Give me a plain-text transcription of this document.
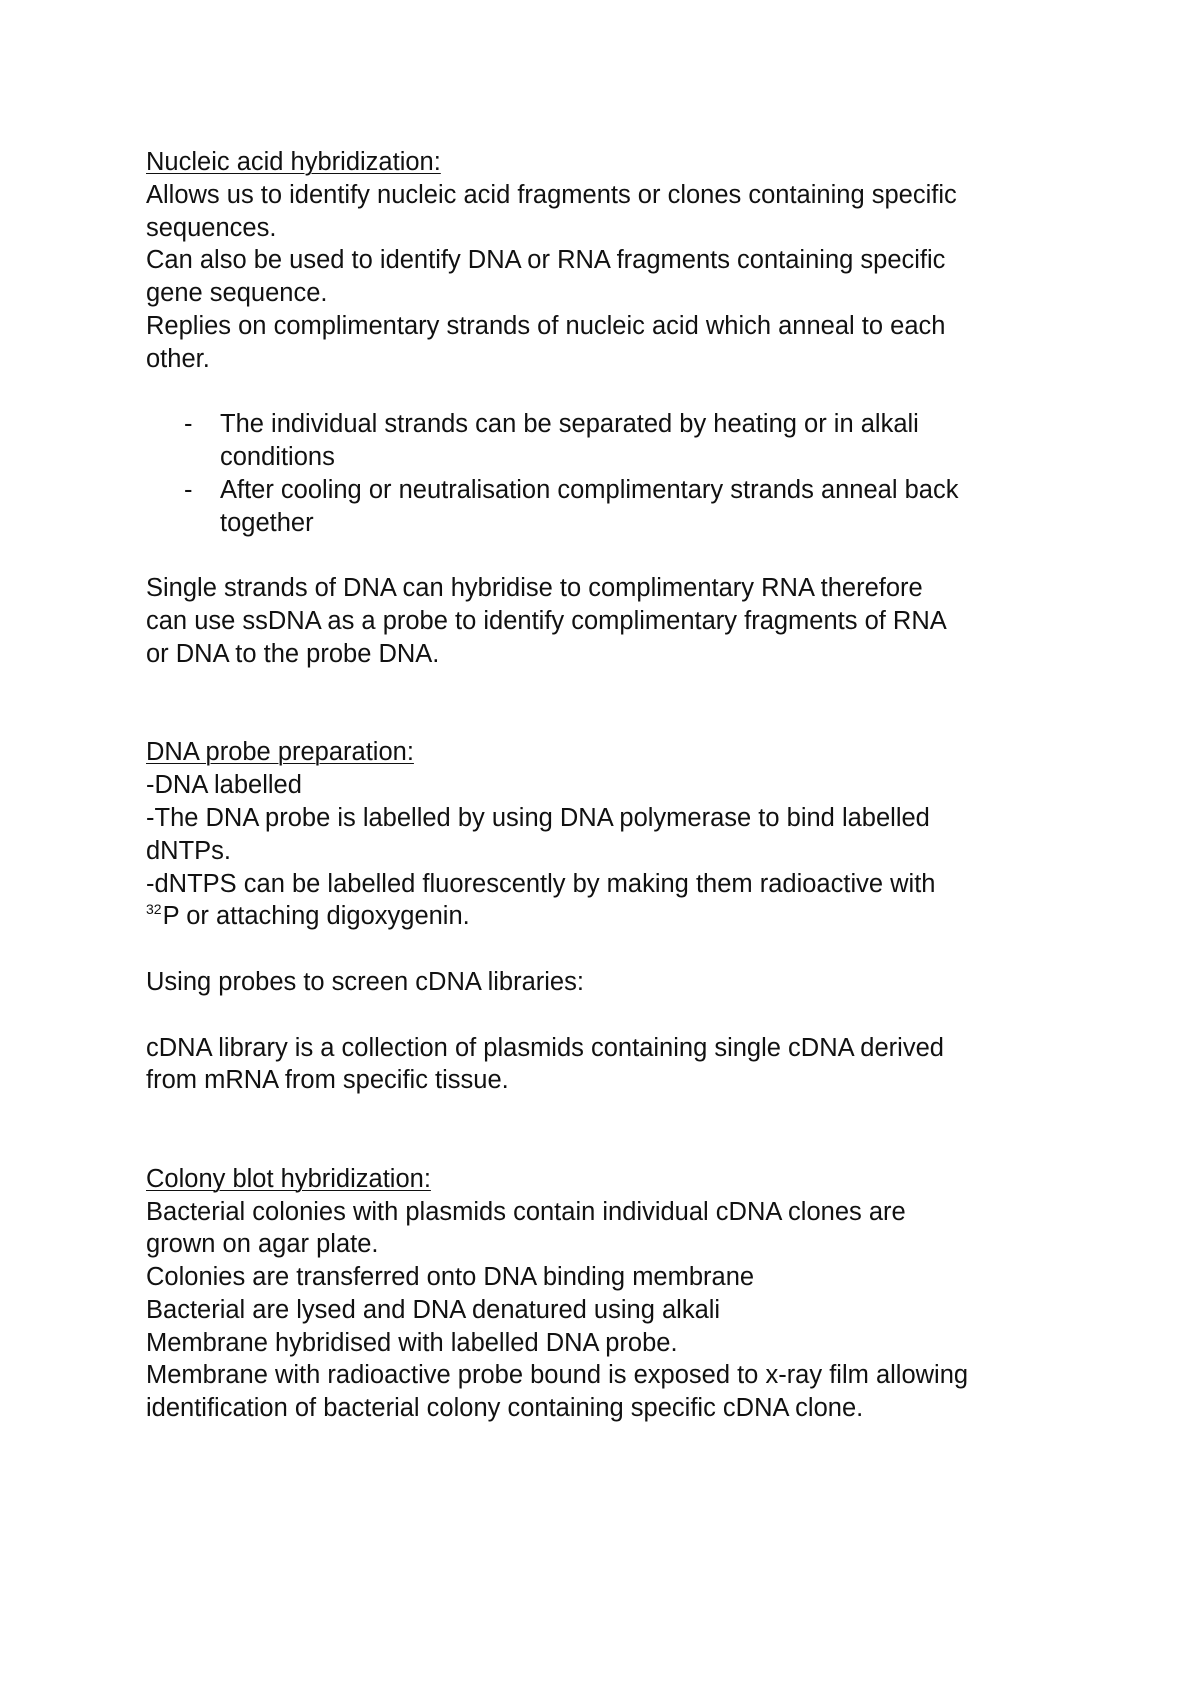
Nucleic acid hybridization:
Allows us to identify nucleic acid fragments or clones containing specific
sequences.
Can also be used to identify DNA or RNA fragments containing specific
gene sequence.
Replies on complimentary strands of nucleic acid which anneal to each
other.
-	The individual strands can be separated by heating or in alkali
conditions
-	After cooling or neutralisation complimentary strands anneal back
together
Single strands of DNA can hybridise to complimentary RNA therefore
can use ssDNA as a probe to identify complimentary fragments of RNA
or DNA to the probe DNA.
DNA probe preparation:
-DNA labelled
-The DNA probe is labelled by using DNA polymerase to bind labelled
dNTPs.
-dNTPS can be labelled fluorescently by making them radioactive with
$^{32}$P or attaching digoxygenin.
Using probes to screen cDNA libraries:
cDNA library is a collection of plasmids containing single cDNA derived
from mRNA from specific tissue.
Colony blot hybridization:
Bacterial colonies with plasmids contain individual cDNA clones are
grown on agar plate.
Colonies are transferred onto DNA binding membrane
Bacterial are lysed and DNA denatured using alkali
Membrane hybridised with labelled DNA probe.
Membrane with radioactive probe bound is exposed to x-ray film allowing
identification of bacterial colony containing specific cDNA clone.
